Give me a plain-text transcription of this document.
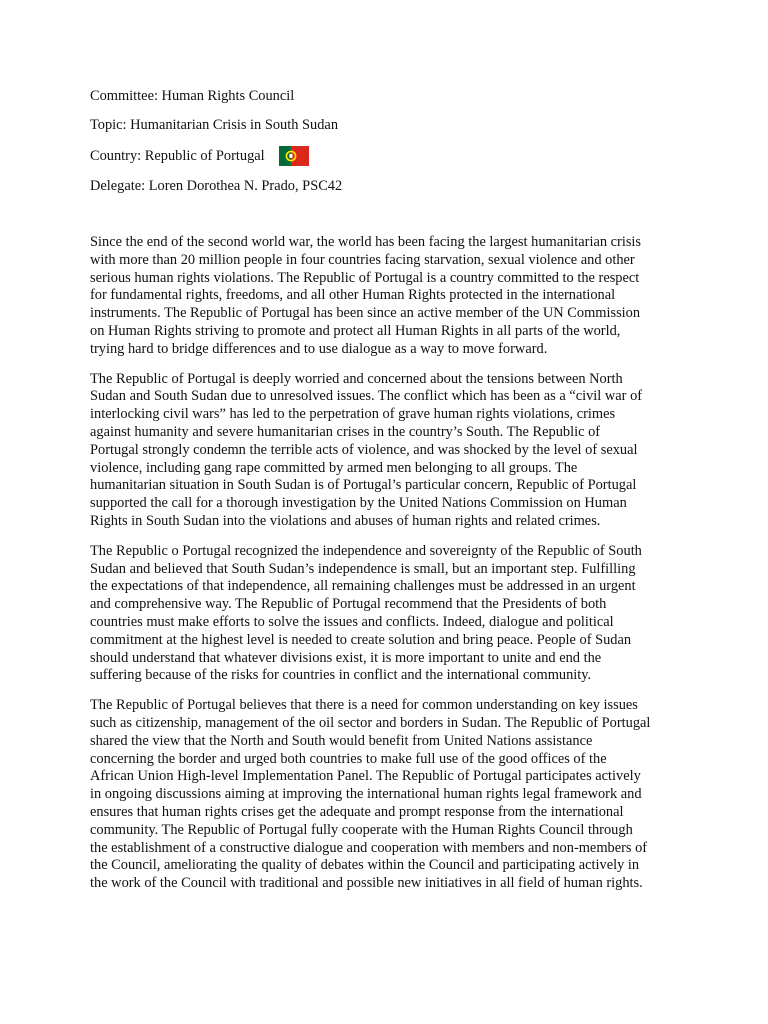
Committee: Human Rights Council
Topic: Humanitarian Crisis in South Sudan
Country: Republic of Portugal
Delegate: Loren Dorothea N. Prado, PSC42

Since the end of the second world war, the world has been facing the largest humanitarian crisis
with more than 20 million people in four countries facing starvation, sexual violence and other
serious human rights violations. The Republic of Portugal is a country committed to the respect
for fundamental rights, freedoms, and all other Human Rights protected in the international
instruments. The Republic of Portugal has been since an active member of the UN Commission
on Human Rights striving to promote and protect all Human Rights in all parts of the world,
trying hard to bridge differences and to use dialogue as a way to move forward.

The Republic of Portugal is deeply worried and concerned about the tensions between North
Sudan and South Sudan due to unresolved issues. The conflict which has been as a “civil war of
interlocking civil wars” has led to the perpetration of grave human rights violations, crimes
against humanity and severe humanitarian crises in the country’s South. The Republic of
Portugal strongly condemn the terrible acts of violence, and was shocked by the level of sexual
violence, including gang rape committed by armed men belonging to all groups. The
humanitarian situation in South Sudan is of Portugal’s particular concern, Republic of Portugal
supported the call for a thorough investigation by the United Nations Commission on Human
Rights in South Sudan into the violations and abuses of human rights and related crimes.

The Republic o Portugal recognized the independence and sovereignty of the Republic of South
Sudan and believed that South Sudan’s independence is small, but an important step. Fulfilling
the expectations of that independence, all remaining challenges must be addressed in an urgent
and comprehensive way. The Republic of Portugal recommend that the Presidents of both
countries must make efforts to solve the issues and conflicts. Indeed, dialogue and political
commitment at the highest level is needed to create solution and bring peace. People of Sudan
should understand that whatever divisions exist, it is more important to unite and end the
suffering because of the risks for countries in conflict and the international community.

The Republic of Portugal believes that there is a need for common understanding on key issues
such as citizenship, management of the oil sector and borders in Sudan. The Republic of Portugal
shared the view that the North and South would benefit from United Nations assistance
concerning the border and urged both countries to make full use of the good offices of the
African Union High-level Implementation Panel. The Republic of Portugal participates actively
in ongoing discussions aiming at improving the international human rights legal framework and
ensures that human rights crises get the adequate and prompt response from the international
community. The Republic of Portugal fully cooperate with the Human Rights Council through
the establishment of a constructive dialogue and cooperation with members and non-members of
the Council, ameliorating the quality of debates within the Council and participating actively in
the work of the Council with traditional and possible new initiatives in all field of human rights.
